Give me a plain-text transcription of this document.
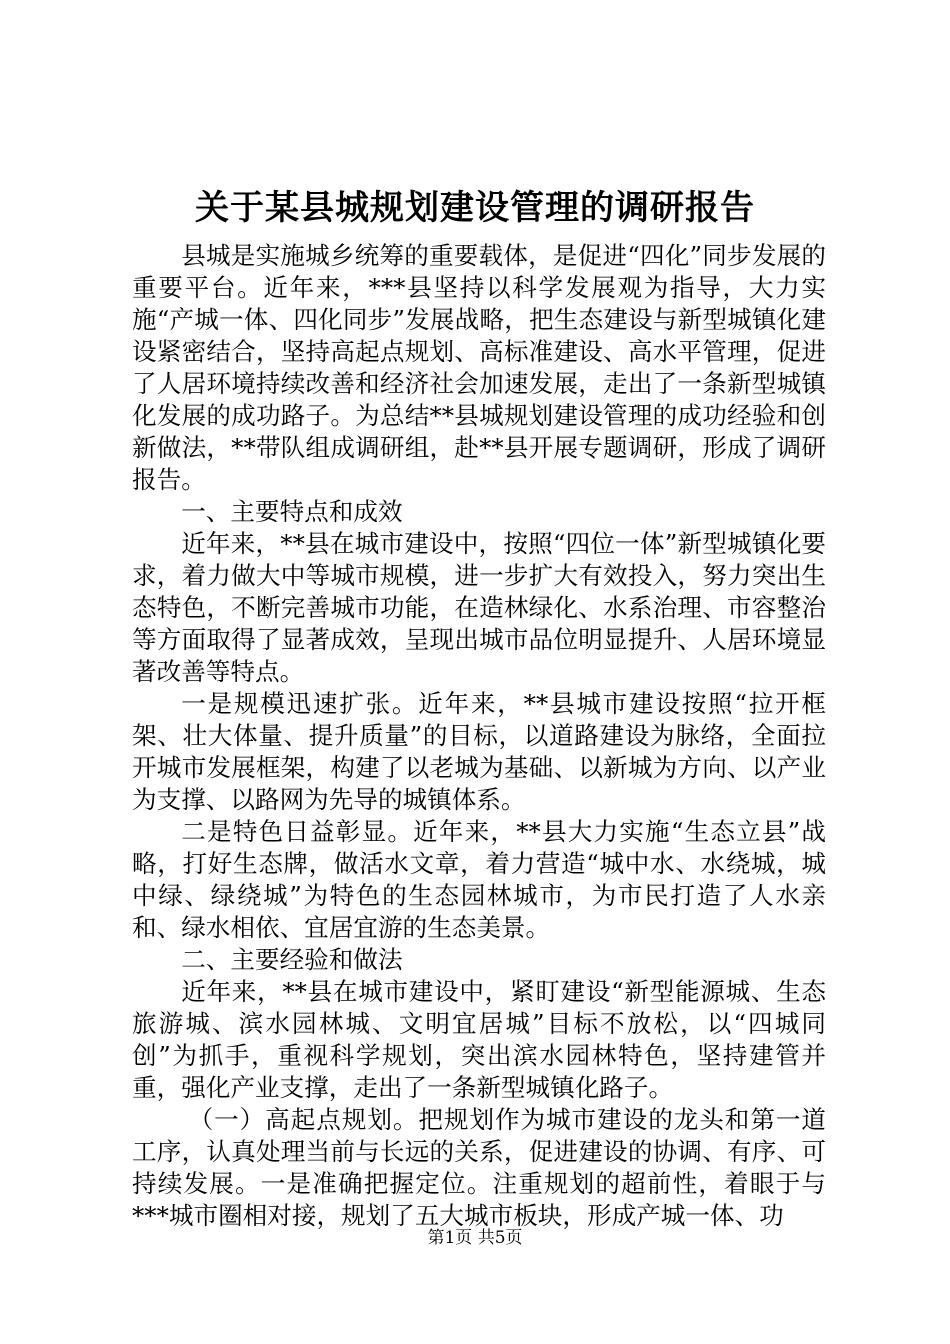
关于某县城规划建设管理的调研报告

县城是实施城乡统筹的重要载体，是促进“四化”同步发展的重要平台。近年来，***县坚持以科学发展观为指导，大力实施“产城一体、四化同步”发展战略，把生态建设与新型城镇化建设紧密结合，坚持高起点规划、高标准建设、高水平管理，促进了人居环境持续改善和经济社会加速发展，走出了一条新型城镇化发展的成功路子。为总结**县城规划建设管理的成功经验和创新做法，**带队组成调研组，赴**县开展专题调研，形成了调研报告。

一、主要特点和成效

近年来，**县在城市建设中，按照“四位一体”新型城镇化要求，着力做大中等城市规模，进一步扩大有效投入，努力突出生态特色，不断完善城市功能，在造林绿化、水系治理、市容整治等方面取得了显著成效，呈现出城市品位明显提升、人居环境显著改善等特点。

一是规模迅速扩张。近年来，**县城市建设按照“拉开框架、壮大体量、提升质量”的目标，以道路建设为脉络，全面拉开城市发展框架，构建了以老城为基础、以新城为方向、以产业为支撑、以路网为先导的城镇体系。

二是特色日益彰显。近年来，**县大力实施“生态立县”战略，打好生态牌，做活水文章，着力营造“城中水、水绕城，城中绿、绿绕城”为特色的生态园林城市，为市民打造了人水亲和、绿水相依、宜居宜游的生态美景。

二、主要经验和做法

近年来，**县在城市建设中，紧盯建设“新型能源城、生态旅游城、滨水园林城、文明宜居城”目标不放松，以“四城同创”为抓手，重视科学规划，突出滨水园林特色，坚持建管并重，强化产业支撑，走出了一条新型城镇化路子。

（一）高起点规划。把规划作为城市建设的龙头和第一道工序，认真处理当前与长远的关系，促进建设的协调、有序、可持续发展。一是准确把握定位。注重规划的超前性，着眼于与***城市圈相对接，规划了五大城市板块，形成产城一体、功

第1页 共5页
